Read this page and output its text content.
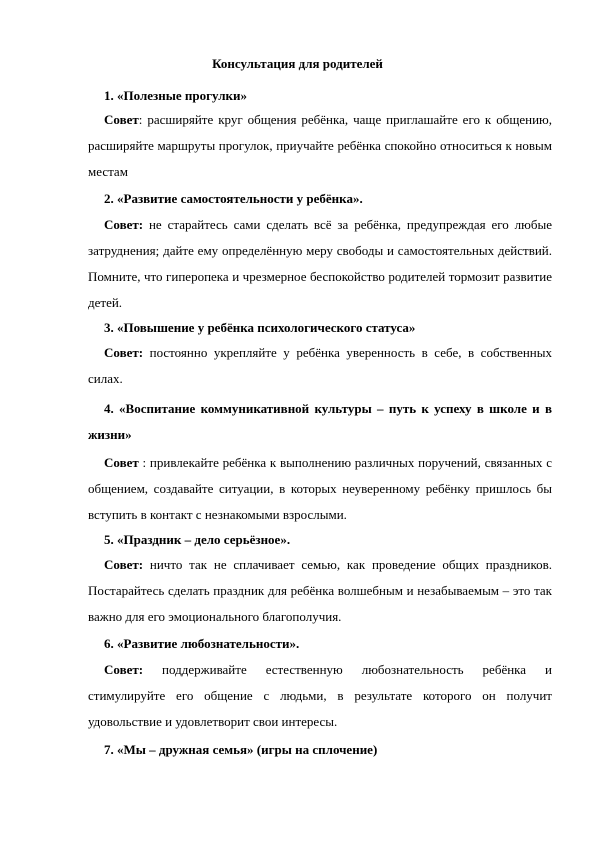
Консультация для родителей
1. «Полезные прогулки»
Совет: расширяйте круг общения ребёнка, чаще приглашайте его к общению, расширяйте маршруты прогулок, приучайте ребёнка спокойно относиться к новым местам
2. «Развитие самостоятельности у ребёнка».
Совет: не старайтесь сами сделать всё за ребёнка, предупреждая его любые затруднения; дайте ему определённую меру свободы и самостоятельных действий. Помните, что гиперопека и чрезмерное беспокойство родителей тормозит развитие детей.
3. «Повышение у ребёнка психологического статуса»
Совет: постоянно укрепляйте у ребёнка уверенность в себе, в собственных силах.
4. «Воспитание коммуникативной культуры – путь к успеху в школе и в жизни»
Совет : привлекайте ребёнка к выполнению различных поручений, связанных с общением, создавайте ситуации, в которых неуверенному ребёнку пришлось бы вступить в контакт с незнакомыми взрослыми.
5. «Праздник – дело серьёзное».
Совет: ничто так не сплачивает семью, как проведение общих праздников. Постарайтесь сделать праздник для ребёнка волшебным и незабываемым – это так важно для его эмоционального благополучия.
6. «Развитие любознательности».
Совет: поддерживайте естественную любознательность ребёнка и стимулируйте его общение с людьми, в результате которого он получит удовольствие и удовлетворит свои интересы.
7. «Мы – дружная семья» (игры на сплочение)
